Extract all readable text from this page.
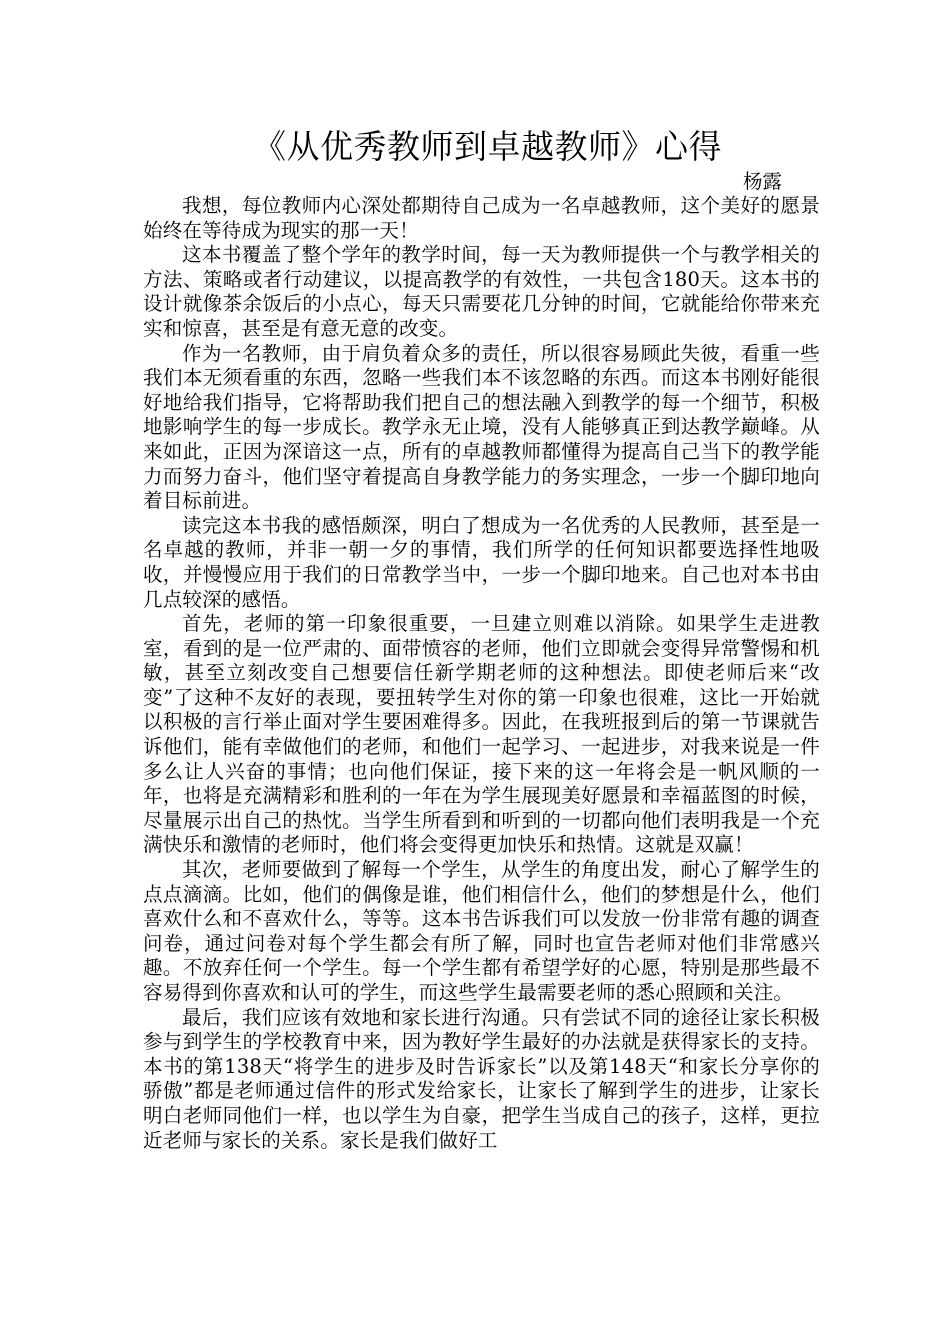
《从优秀教师到卓越教师》心得

杨露

我想，每位教师内心深处都期待自己成为一名卓越教师，这个美好的愿景始终在等待成为现实的那一天！

这本书覆盖了整个学年的教学时间，每一天为教师提供一个与教学相关的方法、策略或者行动建议，以提高教学的有效性，一共包含180天。这本书的设计就像茶余饭后的小点心，每天只需要花几分钟的时间，它就能给你带来充实和惊喜，甚至是有意无意的改变。

作为一名教师，由于肩负着众多的责任，所以很容易顾此失彼，看重一些我们本无须看重的东西，忽略一些我们本不该忽略的东西。而这本书刚好能很好地给我们指导，它将帮助我们把自己的想法融入到教学的每一个细节，积极地影响学生的每一步成长。教学永无止境，没有人能够真正到达教学巅峰。从来如此，正因为深谙这一点，所有的卓越教师都懂得为提高自己当下的教学能力而努力奋斗，他们坚守着提高自身教学能力的务实理念，一步一个脚印地向着目标前进。

读完这本书我的感悟颇深，明白了想成为一名优秀的人民教师，甚至是一名卓越的教师，并非一朝一夕的事情，我们所学的任何知识都要选择性地吸收，并慢慢应用于我们的日常教学当中，一步一个脚印地来。自己也对本书由几点较深的感悟。

首先，老师的第一印象很重要，一旦建立则难以消除。如果学生走进教室，看到的是一位严肃的、面带愤容的老师，他们立即就会变得异常警惕和机敏，甚至立刻改变自己想要信任新学期老师的这种想法。即使老师后来“改变”了这种不友好的表现，要扭转学生对你的第一印象也很难，这比一开始就以积极的言行举止面对学生要困难得多。因此，在我班报到后的第一节课就告诉他们，能有幸做他们的老师，和他们一起学习、一起进步，对我来说是一件多么让人兴奋的事情；也向他们保证，接下来的这一年将会是一帆风顺的一年，也将是充满精彩和胜利的一年在为学生展现美好愿景和幸福蓝图的时候，尽量展示出自己的热忱。当学生所看到和听到的一切都向他们表明我是一个充满快乐和激情的老师时，他们将会变得更加快乐和热情。这就是双赢！

其次，老师要做到了解每一个学生，从学生的角度出发，耐心了解学生的点点滴滴。比如，他们的偶像是谁，他们相信什么，他们的梦想是什么，他们喜欢什么和不喜欢什么，等等。这本书告诉我们可以发放一份非常有趣的调查问卷，通过问卷对每个学生都会有所了解，同时也宣告老师对他们非常感兴趣。不放弃任何一个学生。每一个学生都有希望学好的心愿，特别是那些最不容易得到你喜欢和认可的学生，而这些学生最需要老师的悉心照顾和关注。

最后，我们应该有效地和家长进行沟通。只有尝试不同的途径让家长积极参与到学生的学校教育中来，因为教好学生最好的办法就是获得家长的支持。本书的第138天“将学生的进步及时告诉家长”以及第148天“和家长分享你的骄傲”都是老师通过信件的形式发给家长，让家长了解到学生的进步，让家长明白老师同他们一样，也以学生为自豪，把学生当成自己的孩子，这样，更拉近老师与家长的关系。家长是我们做好工
